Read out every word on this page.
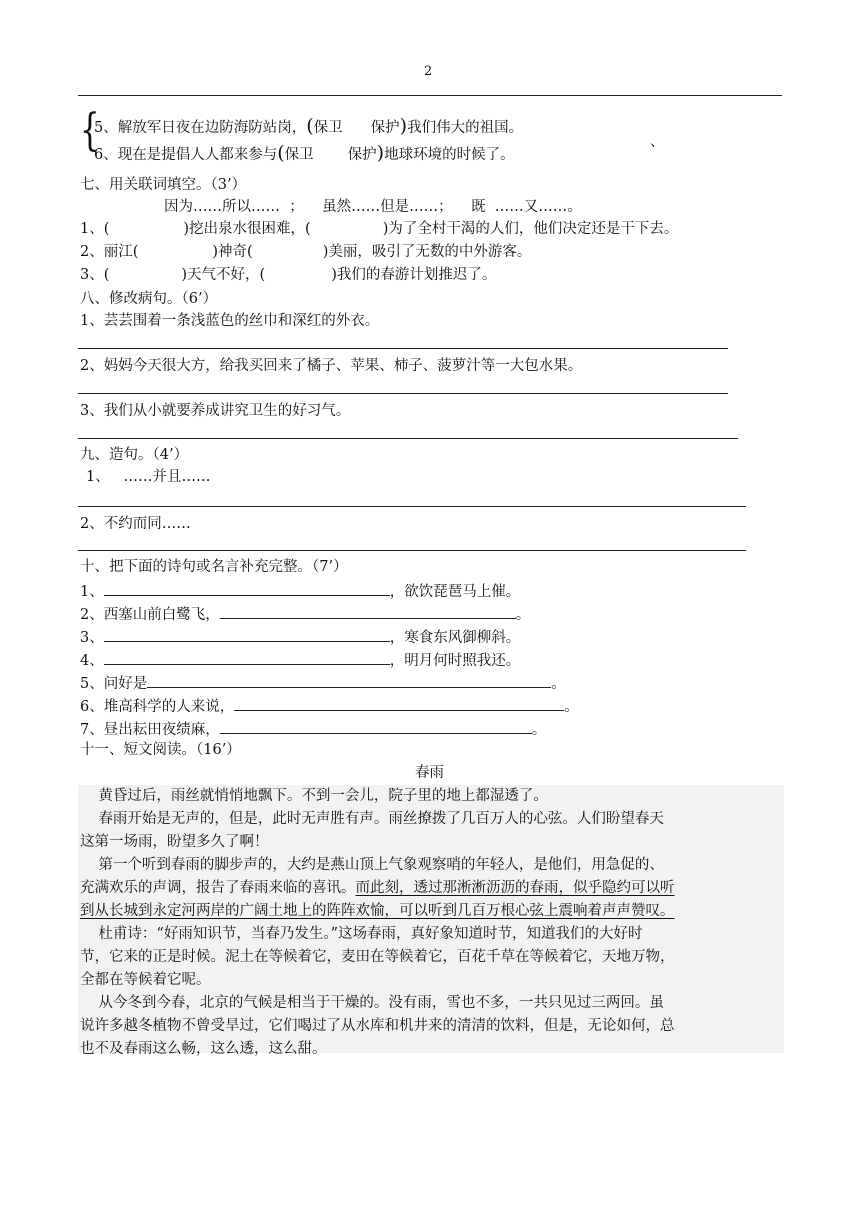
2
{
5、解放军日夜在边防海防站岗，(保卫 保护)我们伟大的祖国。
、
6、现在是提倡人人都来参与(保卫 保护)地球环境的时候了。
七、用关联词填空。（3’）
因为……所以……  ；    虽然……但是……；    既  ……又……。
1、(	)挖出泉水很困难，(	)为了全村干渴的人们，他们决定还是干下去。
2、丽江(	)神奇(	)美丽，吸引了无数的中外游客。
3、(	)天气不好，(	)我们的春游计划推迟了。
八、修改病句。（6’）
1、芸芸围着一条浅蓝色的丝巾和深红的外衣。
2、妈妈今天很大方，给我买回来了橘子、苹果、柿子、菠萝汁等一大包水果。
3、我们从小就要养成讲究卫生的好习气。
九、造句。（4’）
1、   ……并且……
2、不约而同……
十、把下面的诗句或名言补充完整。（7’）
1、	，欲饮琵琶马上催。
2、西塞山前白鹭飞，	。
3、	，寒食东风御柳斜。
4、	，明月何时照我还。
5、问好是	。
6、堆高科学的人来说，	。
7、昼出耘田夜绩麻，	。
十一、短文阅读。（16’）
春雨
黄昏过后，雨丝就悄悄地飘下。不到一会儿，院子里的地上都湿透了。
春雨开始是无声的，但是，此时无声胜有声。雨丝撩拨了几百万人的心弦。人们盼望春天
这第一场雨，盼望多久了啊！
第一个听到春雨的脚步声的，大约是燕山顶上气象观察哨的年轻人，是他们，用急促的、
充满欢乐的声调，报告了春雨来临的喜讯。而此刻，透过那淅淅沥沥的春雨，似乎隐约可以听
到从长城到永定河两岸的广阔土地上的阵阵欢愉，可以听到几百万根心弦上震响着声声赞叹。
杜甫诗：“好雨知识节，当春乃发生。”这场春雨，真好象知道时节，知道我们的大好时
节，它来的正是时候。泥土在等候着它，麦田在等候着它，百花千草在等候着它，天地万物，
全都在等候着它呢。
从今冬到今春，北京的气候是相当于干燥的。没有雨，雪也不多，一共只见过三两回。虽
说许多越冬植物不曾受旱过，它们喝过了从水库和机井来的清清的饮料，但是，无论如何，总
也不及春雨这么畅，这么透，这么甜。
